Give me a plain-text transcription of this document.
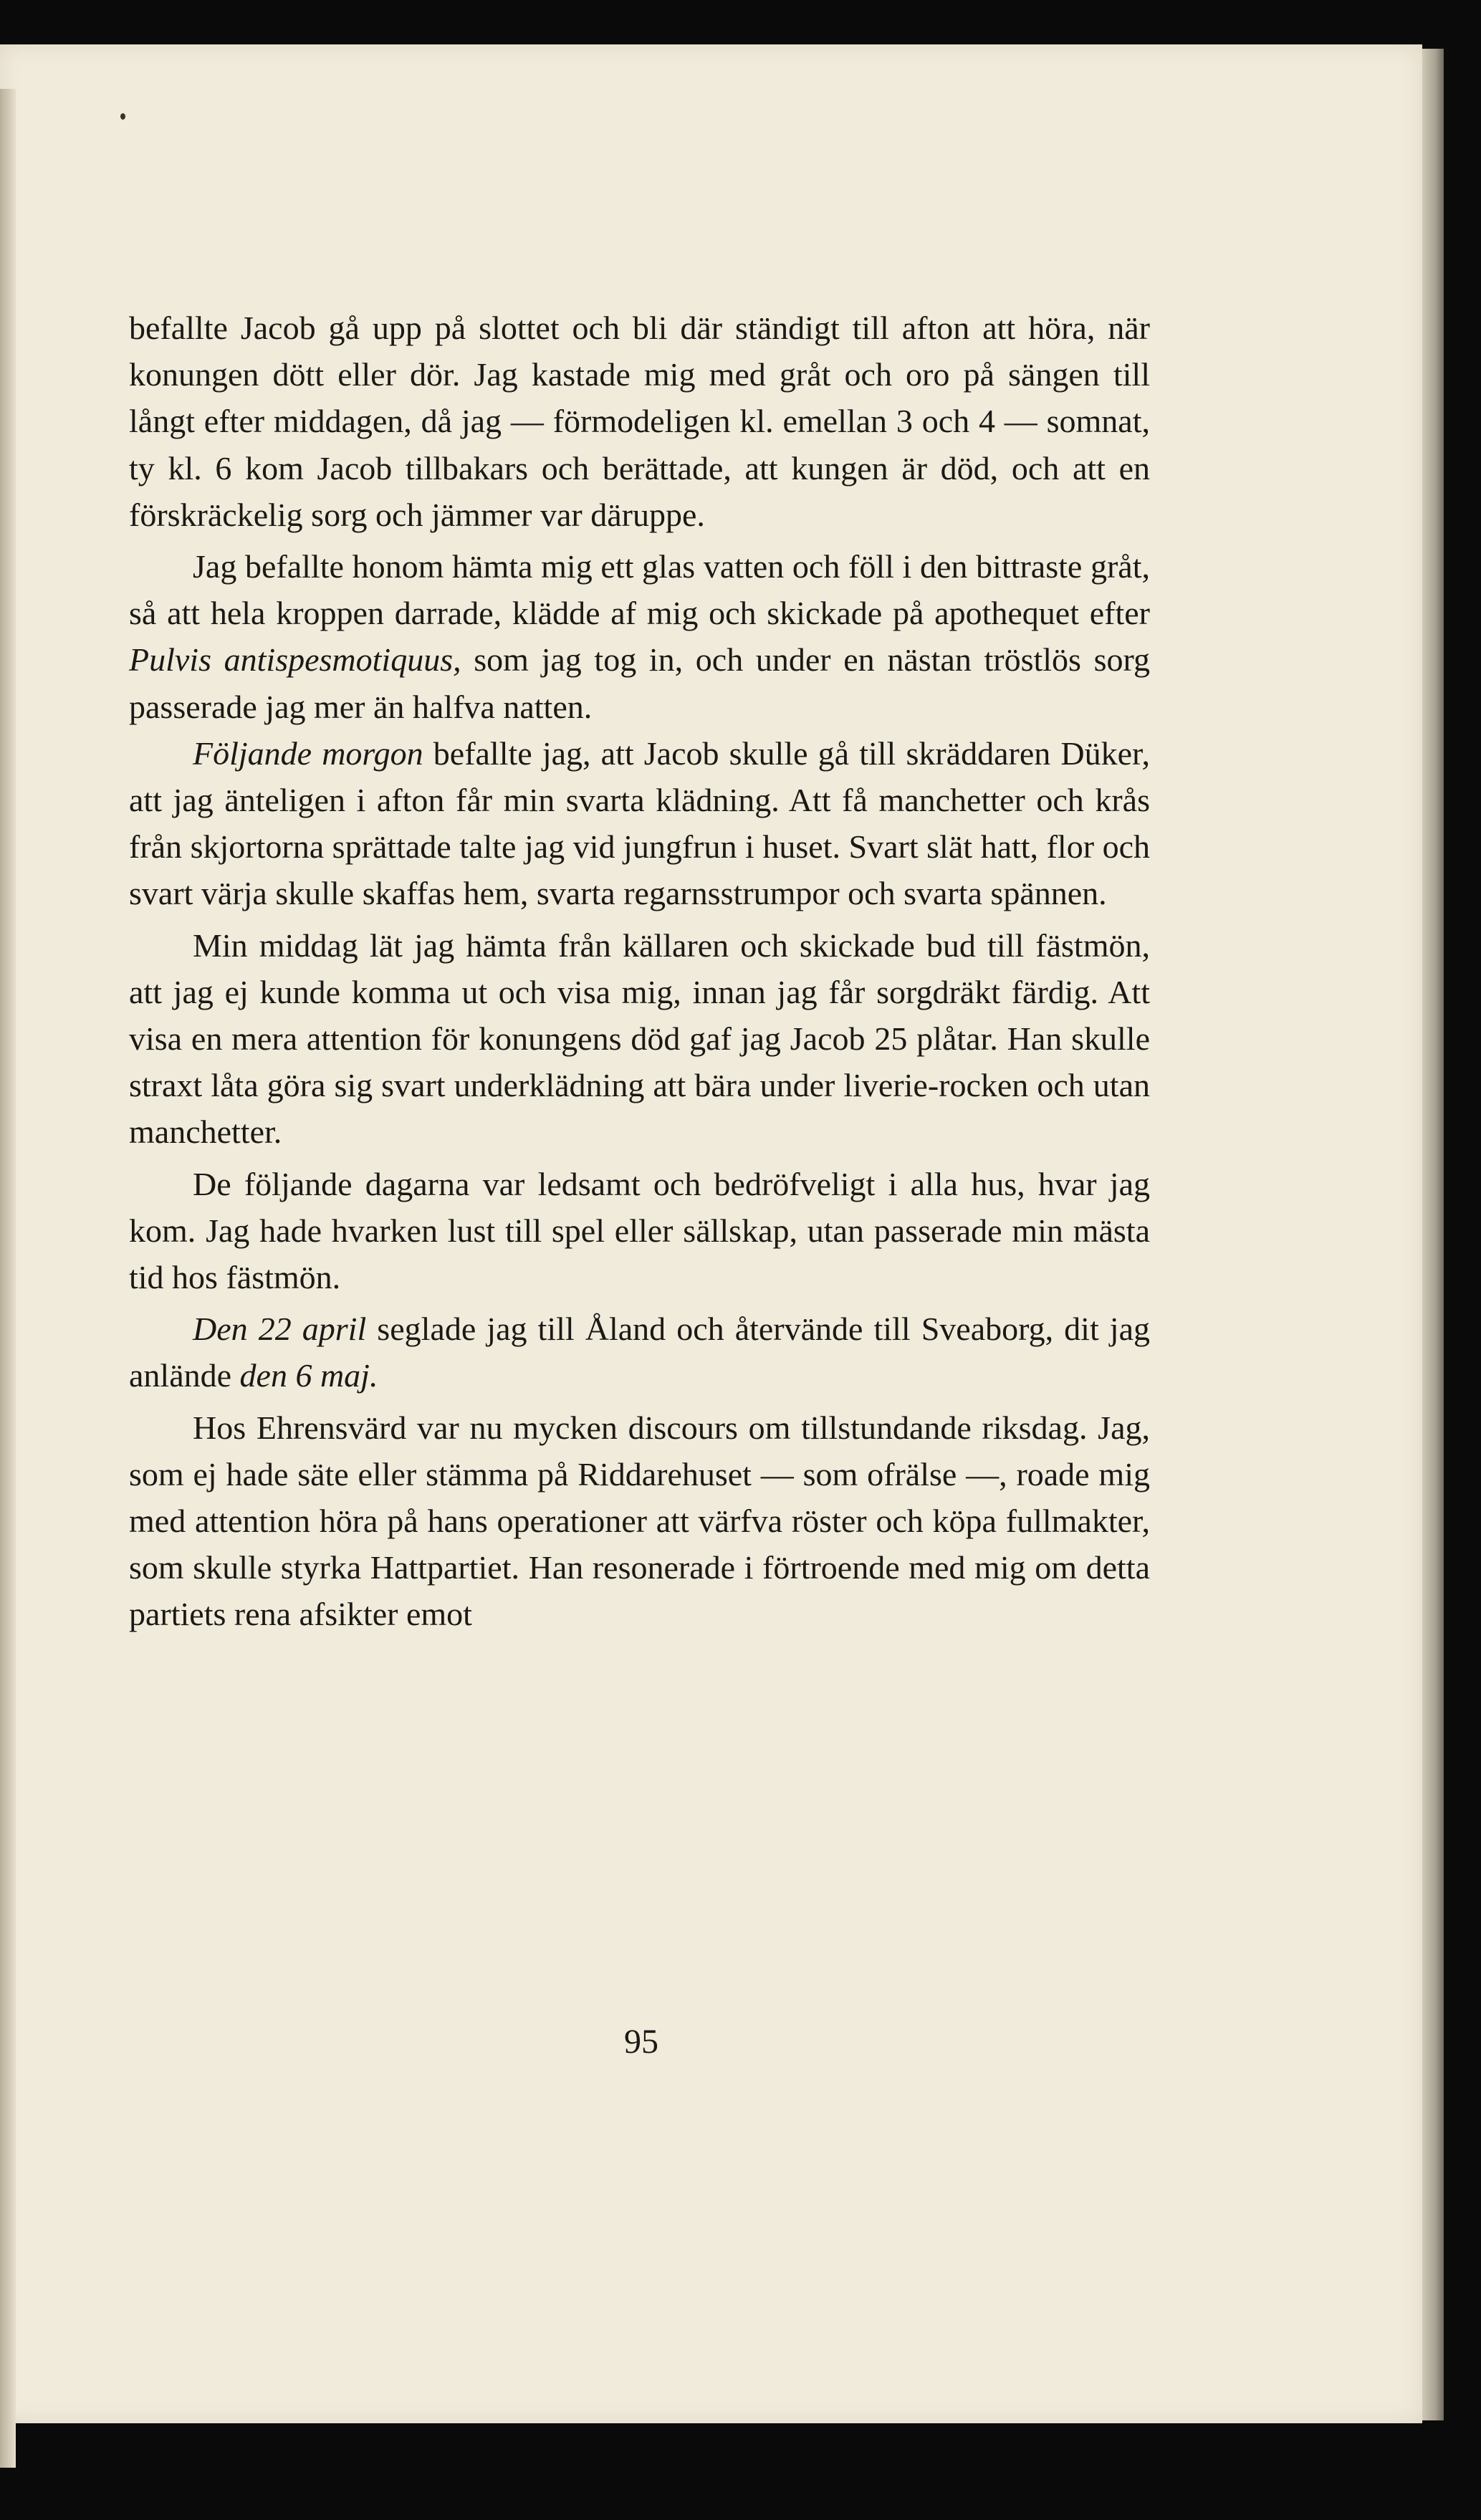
befallte Jacob gå upp på slottet och bli där ständigt till afton att höra, när konungen dött eller dör. Jag kastade mig med gråt och oro på sängen till långt efter middagen, då jag — förmodeligen kl. emellan 3 och 4 — somnat, ty kl. 6 kom Jacob tillbakars och berättade, att kungen är död, och att en förskräckelig sorg och jämmer var däruppe.

Jag befallte honom hämta mig ett glas vatten och föll i den bittraste gråt, så att hela kroppen darrade, klädde af mig och skickade på apothequet efter Pulvis antispesmotiquus, som jag tog in, och under en nästan tröstlös sorg passerade jag mer än halfva natten.

Följande morgon befallte jag, att Jacob skulle gå till skräddaren Düker, att jag änteligen i afton får min svarta klädning. Att få manchetter och krås från skjortorna sprättade talte jag vid jungfrun i huset. Svart slät hatt, flor och svart värja skulle skaffas hem, svarta regarnsstrumpor och svarta spännen.

Min middag lät jag hämta från källaren och skickade bud till fästmön, att jag ej kunde komma ut och visa mig, innan jag får sorgdräkt färdig. Att visa en mera attention för konungens död gaf jag Jacob 25 plåtar. Han skulle straxt låta göra sig svart underklädning att bära under liverie-rocken och utan manchetter.

De följande dagarna var ledsamt och bedröfveligt i alla hus, hvar jag kom. Jag hade hvarken lust till spel eller sällskap, utan passerade min mästa tid hos fästmön.

Den 22 april seglade jag till Åland och återvände till Sveaborg, dit jag anlände den 6 maj.

Hos Ehrensvärd var nu mycken discours om tillstundande riksdag. Jag, som ej hade säte eller stämma på Riddarehuset — som ofrälse —, roade mig med attention höra på hans operationer att värfva röster och köpa fullmakter, som skulle styrka Hattpartiet. Han resonerade i förtroende med mig om detta partiets rena afsikter emot

95
